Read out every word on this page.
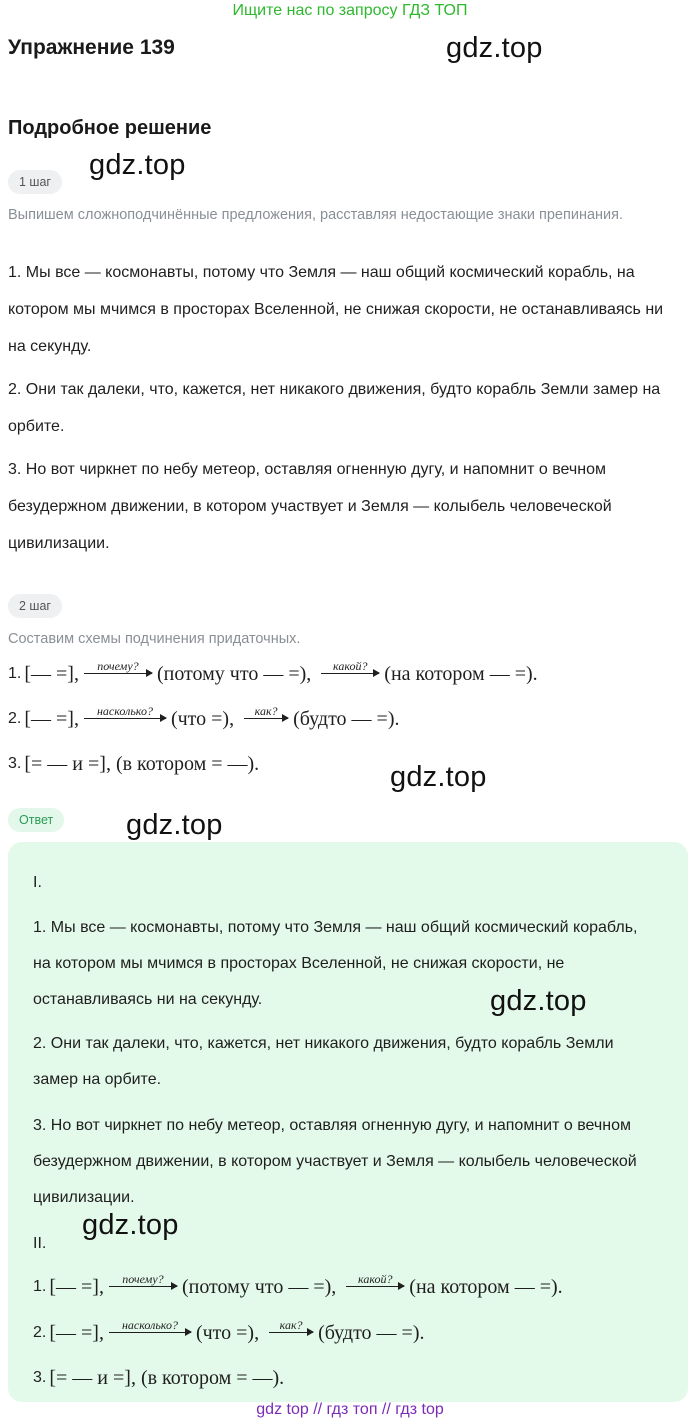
Ищите нас по запросу ГДЗ ТОП
Упражнение 139	gdz.top
Подробное решение
gdz.top
1 шаг
Выпишем сложноподчинённые предложения, расставляя недостающие знаки препинания.
1. Мы все — космонавты, потому что Земля — наш общий космический корабль, на котором мы мчимся в просторах Вселенной, не снижая скорости, не останавливаясь ни на секунду.
2. Они так далеки, что, кажется, нет никакого движения, будто корабль Земли замер на орбите.
3. Но вот чиркнет по небу метеор, оставляя огненную дугу, и напомнит о вечном безудержном движении, в котором участвует и Земля — колыбель человеческой цивилизации.
2 шаг
Составим схемы подчинения придаточных.
1. [— =] , почему? (потому что — =) , какой? (на котором — =) .
2. [— =] , насколько? (что =) , как? (будто — =) .
3. [= — и =] , (в котором = —) .	gdz.top
Ответ	gdz.top
I.
1. Мы все — космонавты, потому что Земля — наш общий космический корабль, на котором мы мчимся в просторах Вселенной, не снижая скорости, не останавливаясь ни на секунду.
2. Они так далеки, что, кажется, нет никакого движения, будто корабль Земли замер на орбите.
3. Но вот чиркнет по небу метеор, оставляя огненную дугу, и напомнит о вечном безудержном движении, в котором участвует и Земля — колыбель человеческой цивилизации.
gdz.top
gdz.top
II.
1. [— =] , почему? (потому что — =) , какой? (на котором — =) .
2. [— =] , насколько? (что =) , как? (будто — =) .
3. [= — и =] , (в котором = —) .
gdz top // гдз топ // гдз top
